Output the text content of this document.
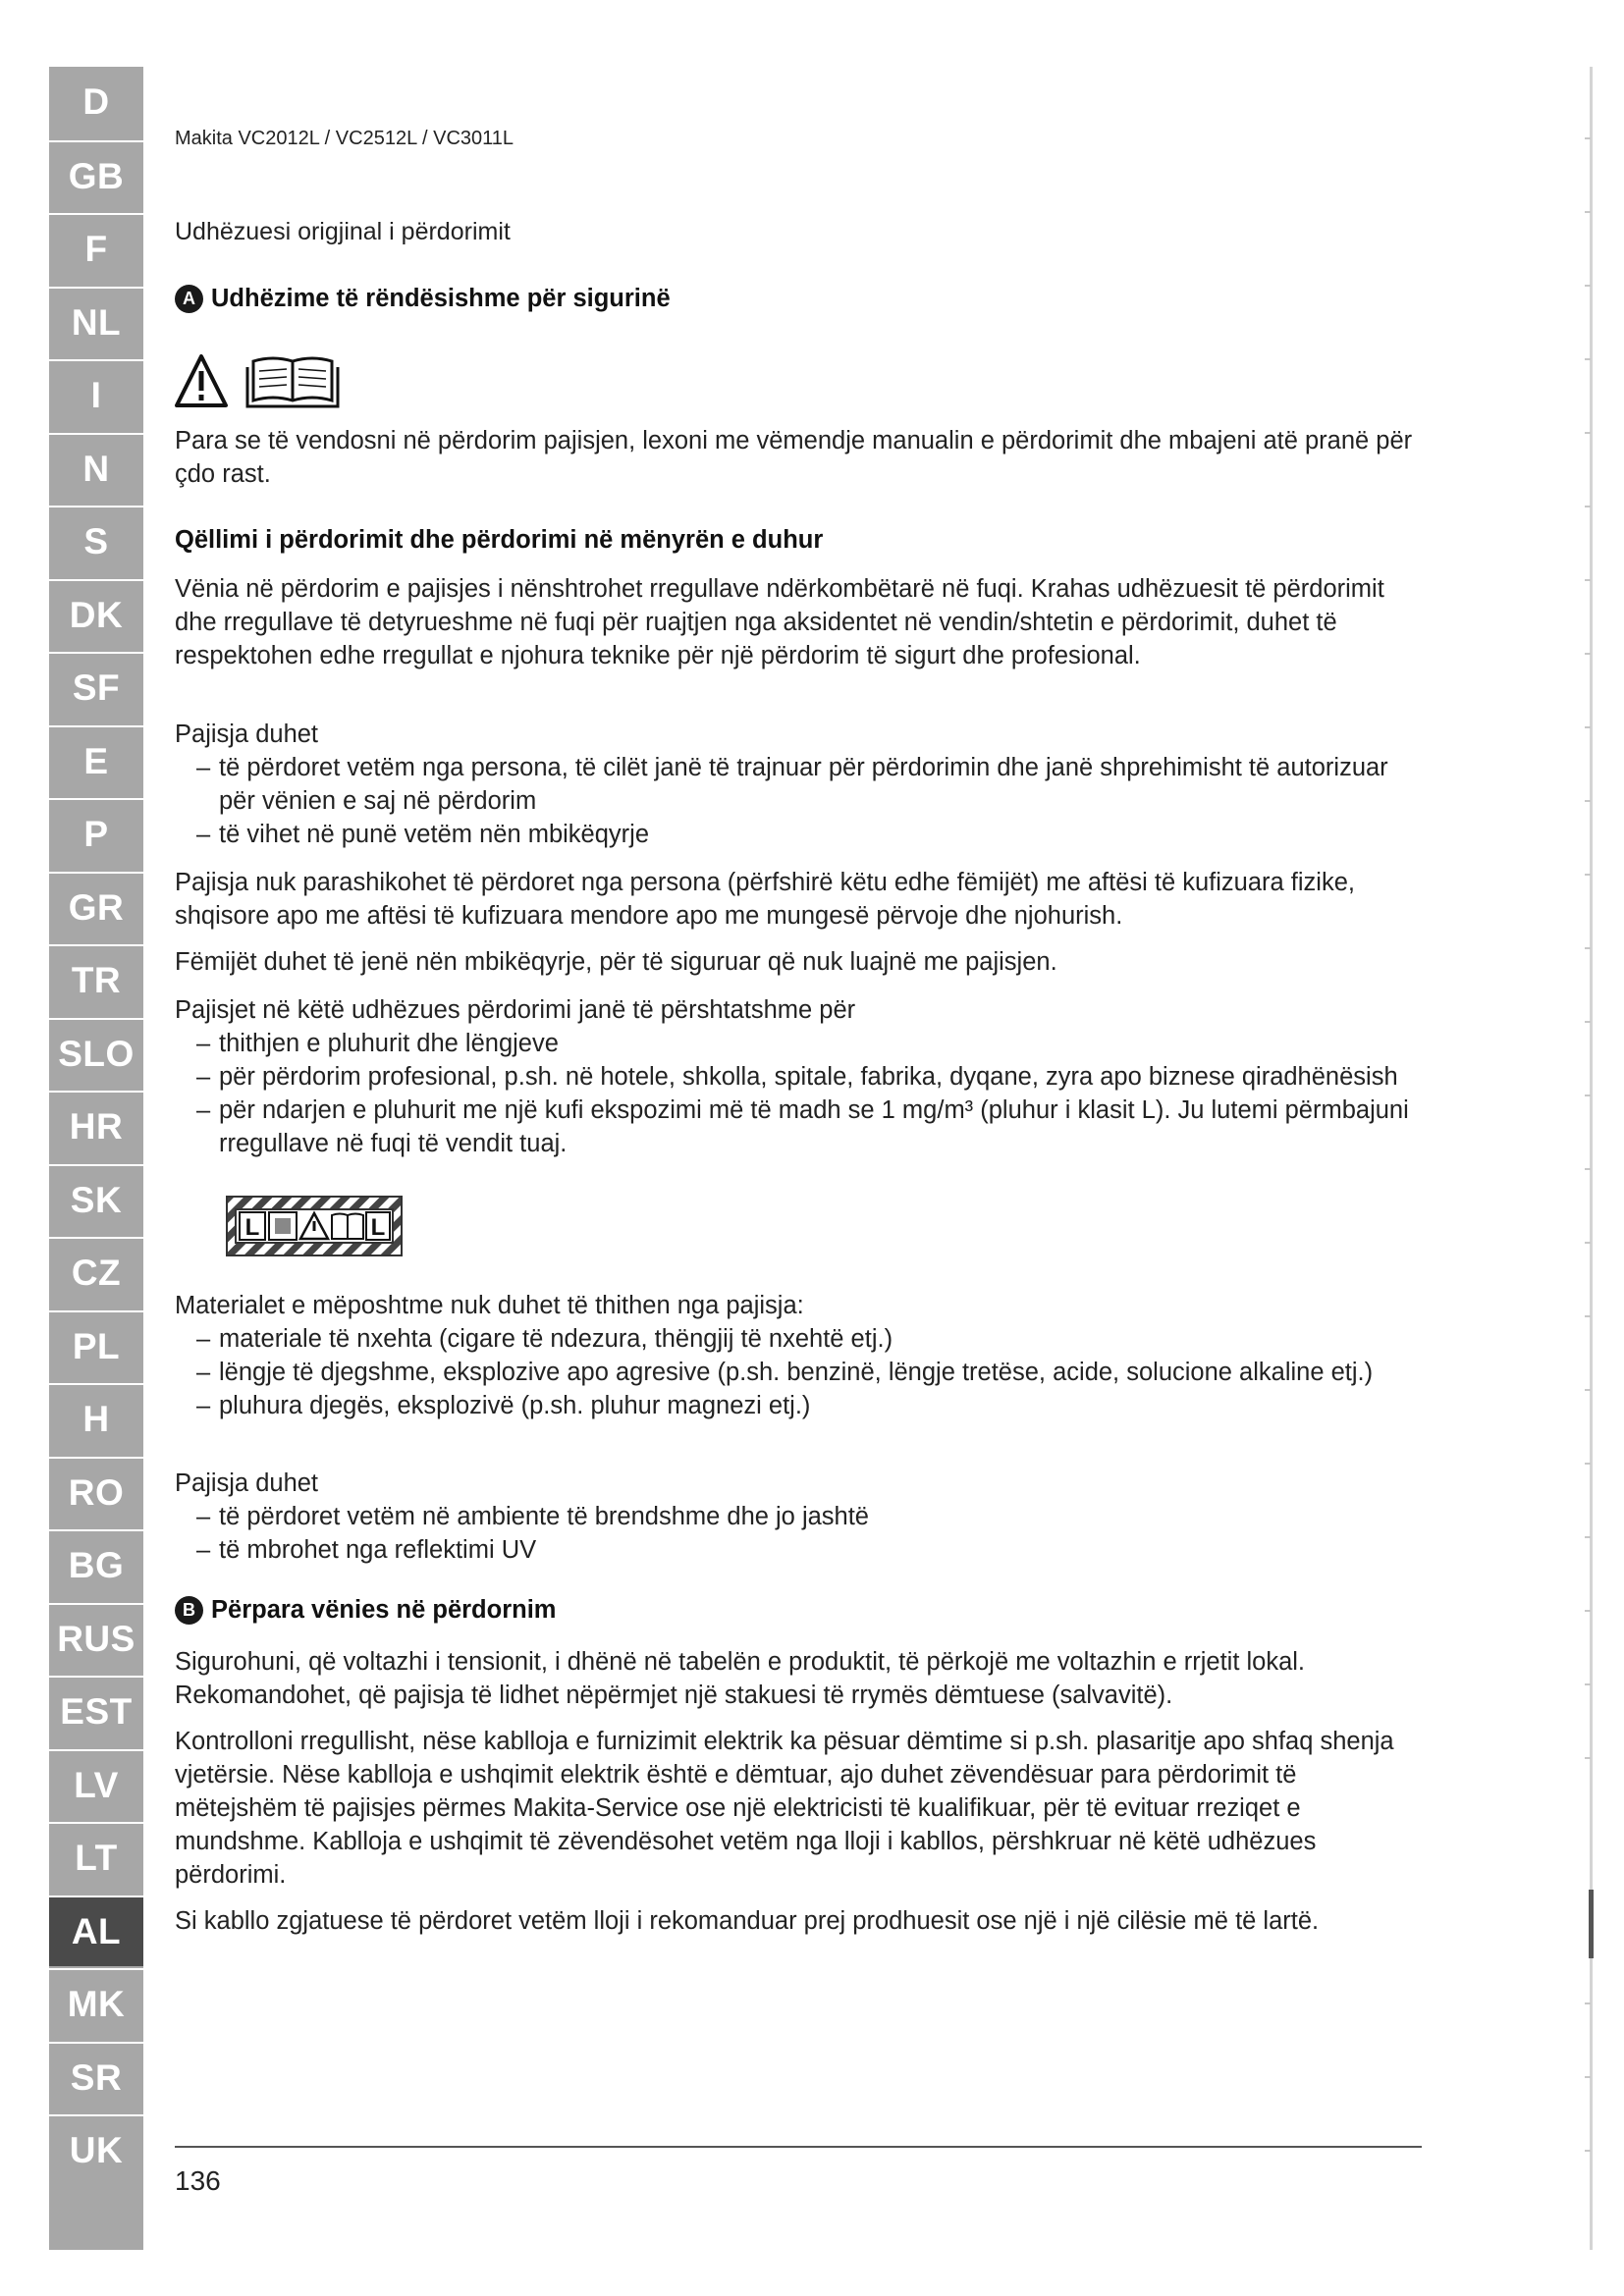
D
GB
F
NL
I
N
S
DK
SF
E
P
GR
TR
SLO
HR
SK
CZ
PL
H
RO
BG
RUS
EST
LV
LT
AL
MK
SR
UK

Makita VC2012L / VC2512L / VC3011L

Udhëzuesi origjinal i përdorimit

A Udhëzime të rëndësishme për sigurinë

Para se të vendosni në përdorim pajisjen, lexoni me vëmendje manualin e përdorimit dhe mbajeni atë pranë për çdo rast.

Qëllimi i përdorimit dhe përdorimi në mënyrën e duhur

Vënia në përdorim e pajisjes i nënshtrohet rregullave ndërkombëtarë në fuqi. Krahas udhëzuesit të përdorimit dhe rregullave të detyrueshme në fuqi për ruajtjen nga aksidentet në vendin/shtetin e përdorimit, duhet të respektohen edhe rregullat e njohura teknike për një përdorim të sigurt dhe profesional.

Pajisja duhet
– të përdoret vetëm nga persona, të cilët janë të trajnuar për përdorimin dhe janë shprehimisht të autorizuar për vënien e saj në përdorim
– të vihet në punë vetëm nën mbikëqyrje

Pajisja nuk parashikohet të përdoret nga persona (përfshirë këtu edhe fëmijët) me aftësi të kufizuara fizike, shqisore apo me aftësi të kufizuara mendore apo me mungesë përvoje dhe njohurish.

Fëmijët duhet të jenë nën mbikëqyrje, për të siguruar që nuk luajnë me pajisjen.

Pajisjet në këtë udhëzues përdorimi janë të përshtatshme për
– thithjen e pluhurit dhe lëngjeve
– për përdorim profesional, p.sh. në hotele, shkolla, spitale, fabrika, dyqane, zyra apo biznese qiradhënësish
– për ndarjen e pluhurit me një kufi ekspozimi më të madh se 1 mg/m³ (pluhur i klasit L). Ju lutemi përmbajuni rregullave në fuqi të vendit tuaj.
L	L
Materialet e mëposhtme nuk duhet të thithen nga pajisja:
– materiale të nxehta (cigare të ndezura, thëngjij të nxehtë etj.)
– lëngje të djegshme, eksplozive apo agresive (p.sh. benzinë, lëngje tretëse, acide, solucione alkaline etj.)
– pluhura djegës, eksplozivë (p.sh. pluhur magnezi etj.)
Pajisja duhet
– të përdoret vetëm në ambiente të brendshme dhe jo jashtë
– të mbrohet nga reflektimi UV
B Përpara vënies në përdornim

Sigurohuni, që voltazhi i tensionit, i dhënë në tabelën e produktit, të përkojë me voltazhin e rrjetit lokal. Rekomandohet, që pajisja të lidhet nëpërmjet një stakuesi të rrymës dëmtuese (salvavitë).

Kontrolloni rregullisht, nëse kablloja e furnizimit elektrik ka pësuar dëmtime si p.sh. plasaritje apo shfaq shenja vjetërsie. Nëse kablloja e ushqimit elektrik është e dëmtuar, ajo duhet zëvendësuar para përdorimit të mëtejshëm të pajisjes përmes Makita-Service ose një elektricisti të kualifikuar, për të evituar rreziqet e mundshme. Kablloja e ushqimit të zëvendësohet vetëm nga lloji i kabllos, përshkruar në këtë udhëzues përdorimi.

Si kabllo zgjatuese të përdoret vetëm lloji i rekomanduar prej prodhuesit ose një i një cilësie më të lartë.

136
